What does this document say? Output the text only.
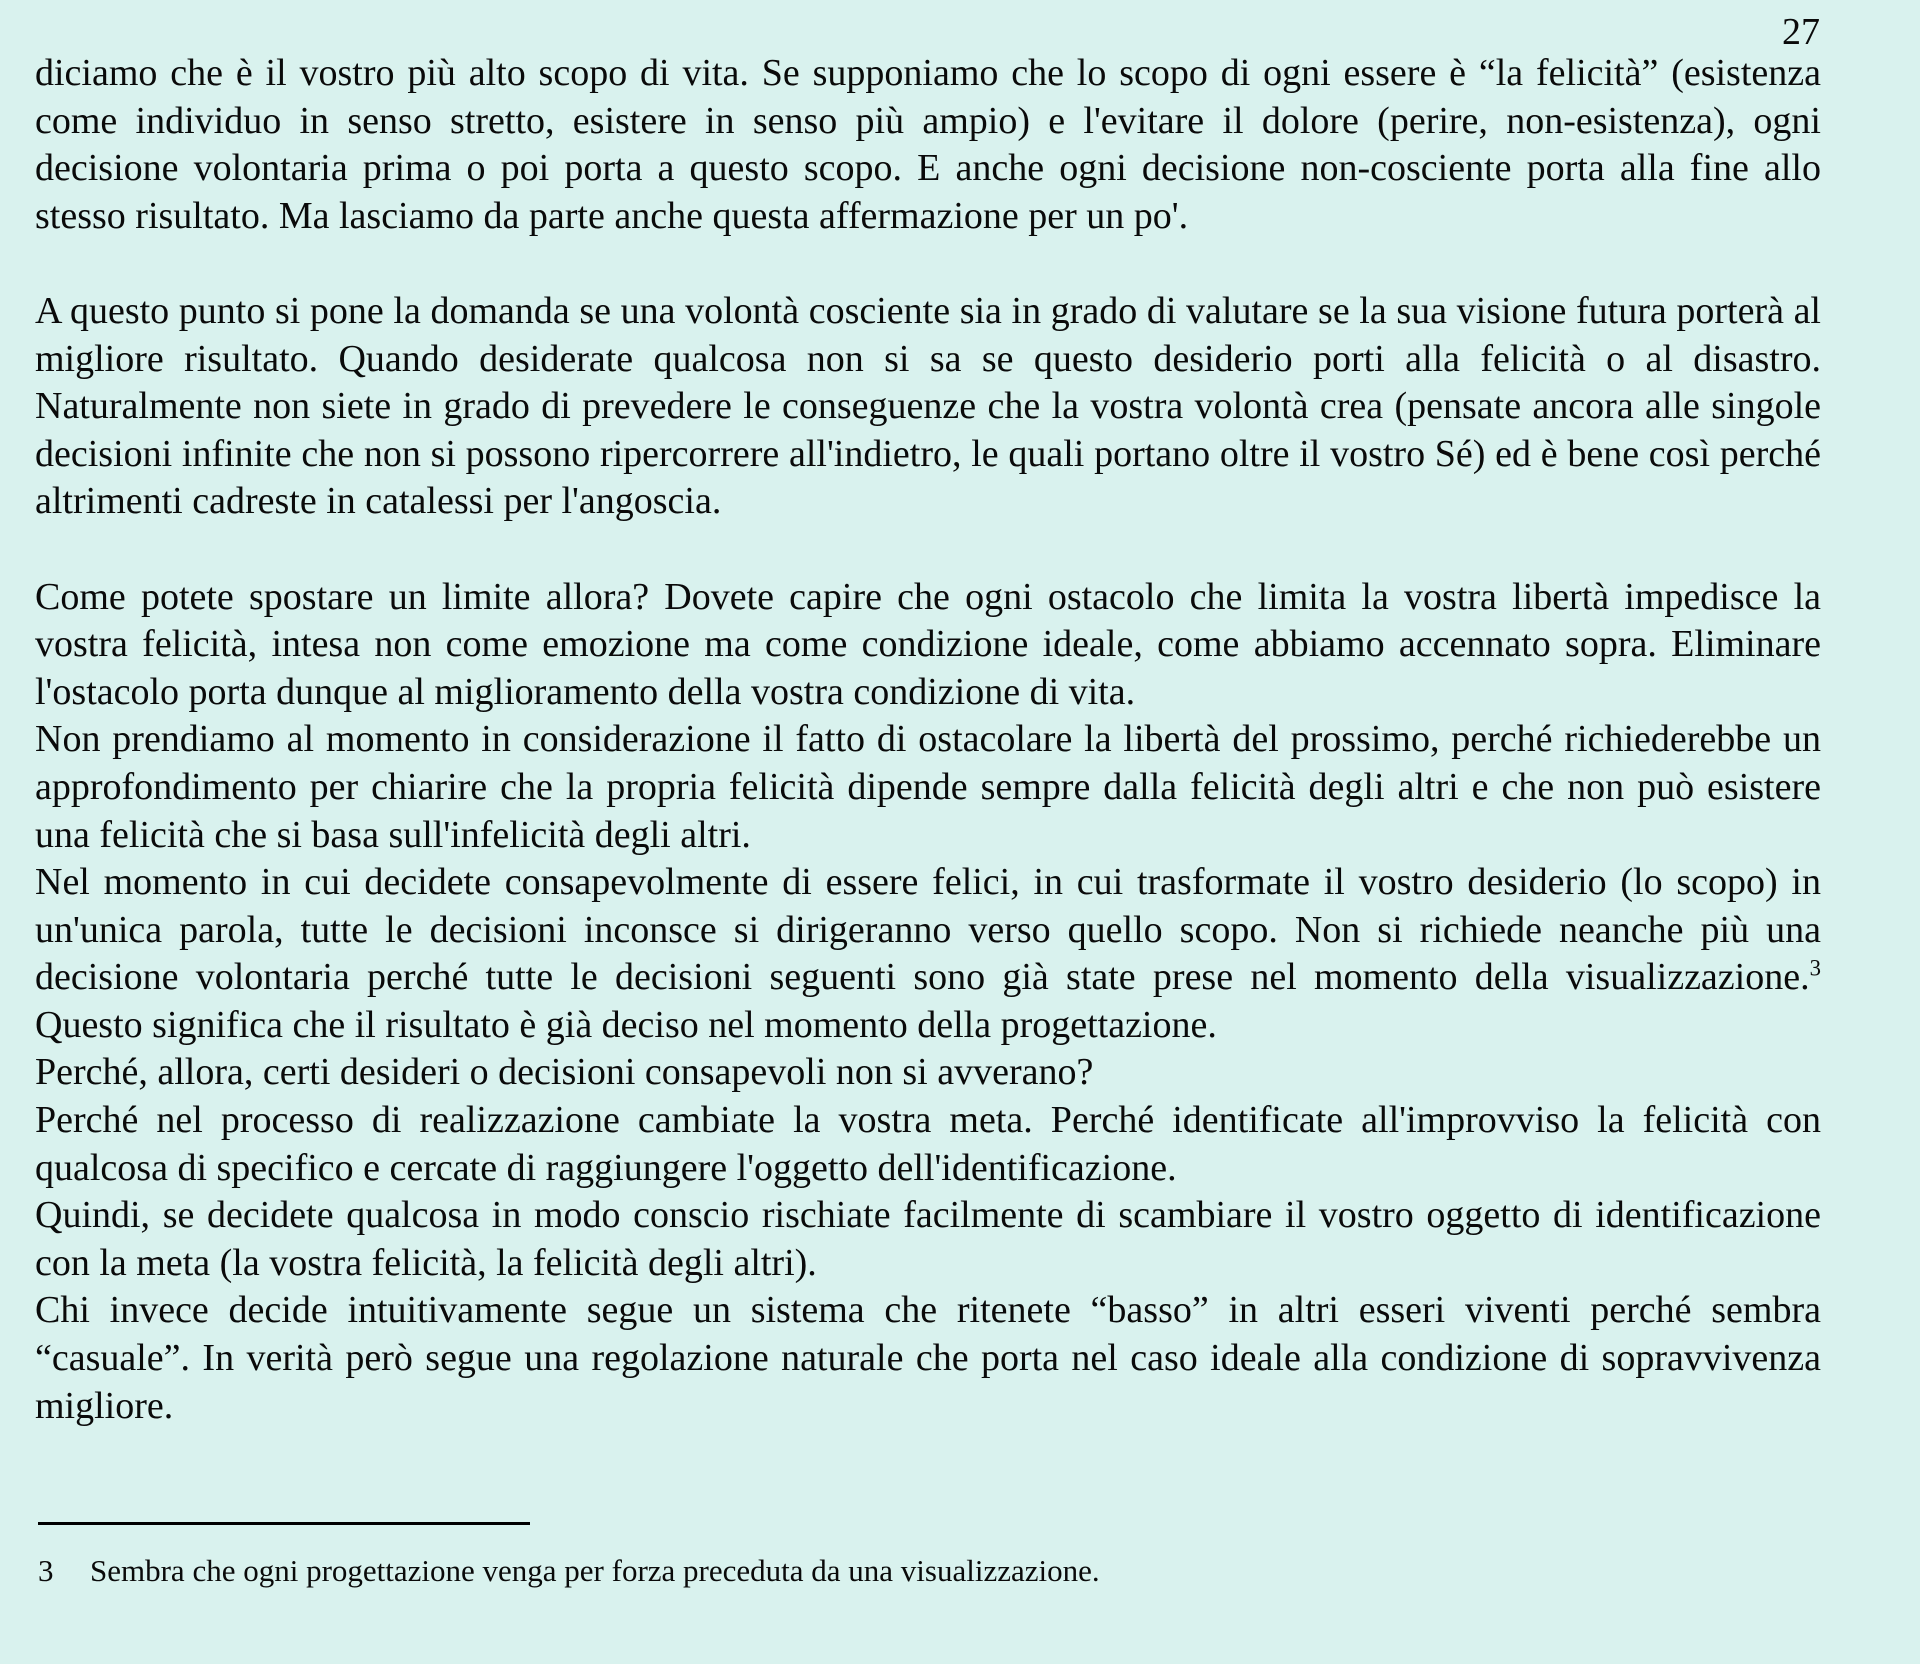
27

diciamo che è il vostro più alto scopo di vita. Se supponiamo che lo scopo di ogni essere è “la felicità” (esistenza come individuo in senso stretto, esistere in senso più ampio) e l'evitare il dolore (perire, non-esistenza), ogni decisione volontaria prima o poi porta a questo scopo. E anche ogni decisione non-cosciente porta alla fine allo stesso risultato. Ma lasciamo da parte anche questa affermazione per un po'.

A questo punto si pone la domanda se una volontà cosciente sia in grado di valutare se la sua visione futura porterà al migliore risultato. Quando desiderate qualcosa non si sa se questo desiderio porti alla felicità o al disastro. Naturalmente non siete in grado di prevedere le conseguenze che la vostra volontà crea (pensate ancora alle singole decisioni infinite che non si possono ripercorrere all'indietro, le quali portano oltre il vostro Sé) ed è bene così perché altrimenti cadreste in catalessi per l'angoscia.

Come potete spostare un limite allora? Dovete capire che ogni ostacolo che limita la vostra libertà impedisce la vostra felicità, intesa non come emozione ma come condizione ideale, come abbiamo accennato sopra. Eliminare l'ostacolo porta dunque al miglioramento della vostra condizione di vita.

Non prendiamo al momento in considerazione il fatto di ostacolare la libertà del prossimo, perché richiederebbe un approfondimento per chiarire che la propria felicità dipende sempre dalla felicità degli altri e che non può esistere una felicità che si basa sull'infelicità degli altri.

Nel momento in cui decidete consapevolmente di essere felici, in cui trasformate il vostro desiderio (lo scopo) in un'unica parola, tutte le decisioni inconsce si dirigeranno verso quello scopo. Non si richiede neanche più una decisione volontaria perché tutte le decisioni seguenti sono già state prese nel momento della visualizzazione.$^3$ Questo significa che il risultato è già deciso nel momento della progettazione.

Perché, allora, certi desideri o decisioni consapevoli non si avverano?

Perché nel processo di realizzazione cambiate la vostra meta. Perché identificate all'improvviso la felicità con qualcosa di specifico e cercate di raggiungere l'oggetto dell'identificazione.

Quindi, se decidete qualcosa in modo conscio rischiate facilmente di scambiare il vostro oggetto di identificazione con la meta (la vostra felicità, la felicità degli altri).

Chi invece decide intuitivamente segue un sistema che ritenete “basso” in altri esseri viventi perché sembra “casuale”. In verità però segue una regolazione naturale che porta nel caso ideale alla condizione di sopravvivenza migliore.

3	Sembra che ogni progettazione venga per forza preceduta da una visualizzazione.
